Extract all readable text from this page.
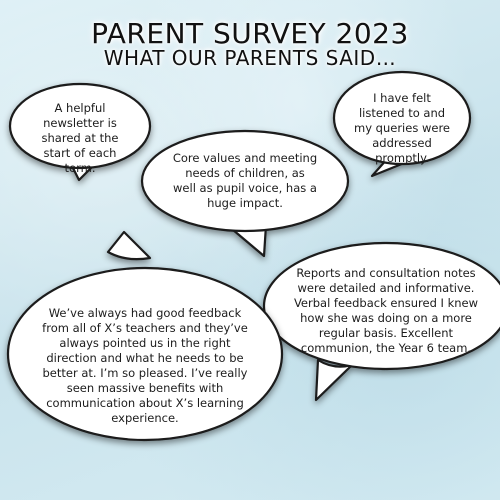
PARENT SURVEY 2023
WHAT OUR PARENTS SAID…

A helpful newsletter is shared at the start of each term.

I have felt listened to and my queries were addressed promptly.

Core values and meeting needs of children, as well as pupil voice, has a huge impact.

Reports and consultation notes were detailed and informative. Verbal feedback ensured I knew how she was doing on a more regular basis. Excellent communion, the Year 6 team.

We’ve always had good feedback from all of X’s teachers and they’ve always pointed us in the right direction and what he needs to be better at. I’m so pleased. I’ve really seen massive benefits with communication about X’s learning experience.
